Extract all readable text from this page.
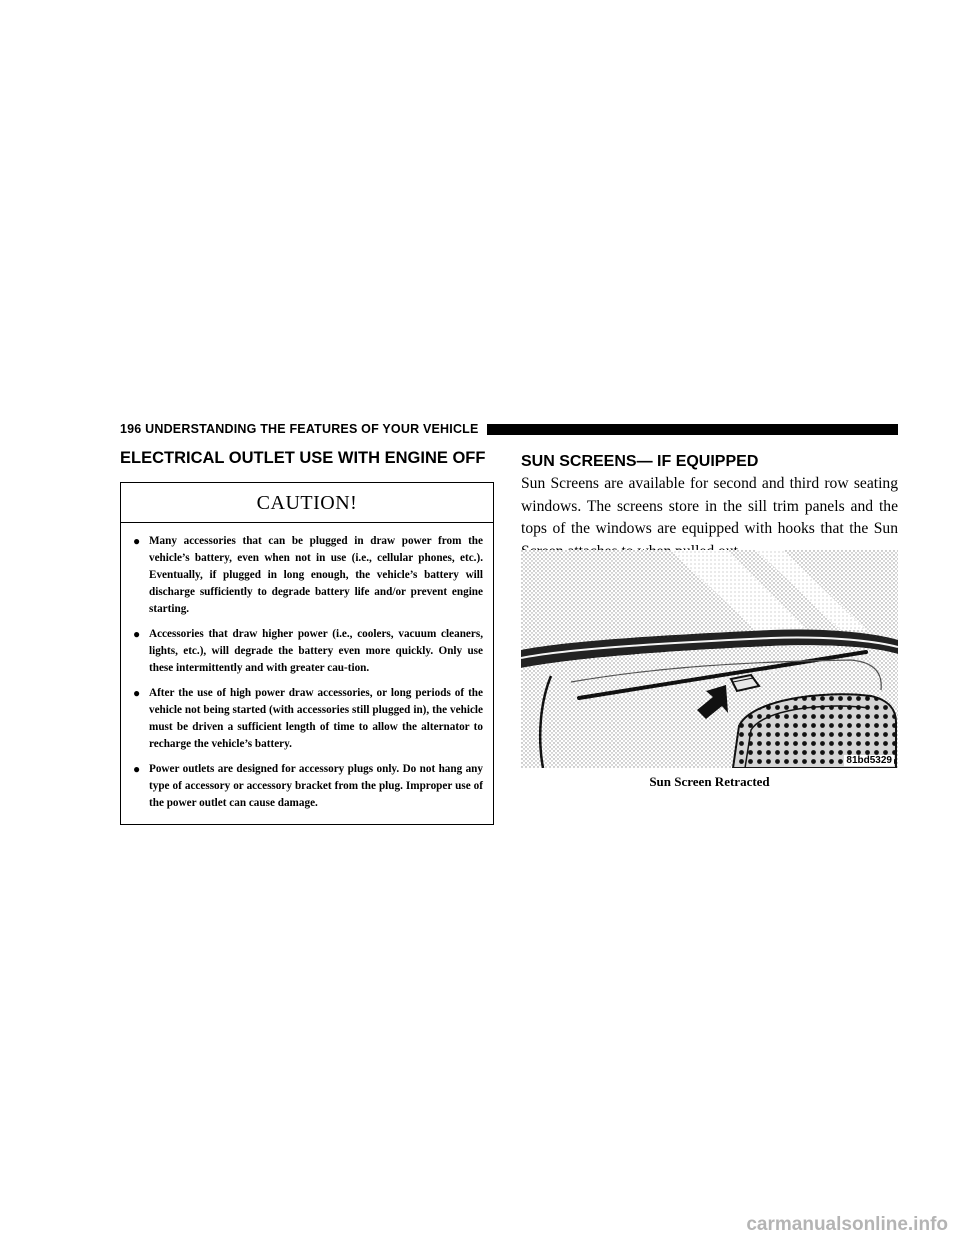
196 UNDERSTANDING THE FEATURES OF YOUR VEHICLE
ELECTRICAL OUTLET USE WITH ENGINE OFF
CAUTION!
● Many accessories that can be plugged in draw power from the vehicle’s battery, even when not in use (i.e., cellular phones, etc.). Eventually, if plugged in long enough, the vehicle’s battery will discharge sufficiently to degrade battery life and/or prevent engine starting.
● Accessories that draw higher power (i.e., coolers, vacuum cleaners, lights, etc.), will degrade the battery even more quickly. Only use these intermittently and with greater cau-tion.
● After the use of high power draw accessories, or long periods of the vehicle not being started (with accessories still plugged in), the vehicle must be driven a sufficient length of time to allow the alternator to recharge the vehicle’s battery.
● Power outlets are designed for accessory plugs only. Do not hang any type of accessory or accessory bracket from the plug. Improper use of the power outlet can cause damage.
SUN SCREENS— IF EQUIPPED

Sun Screens are available for second and third row seating windows. The screens store in the sill trim panels and the tops of the windows are equipped with hooks that the Sun

81bd5329
Sun Screen Retracted
carmanualsonline.info
